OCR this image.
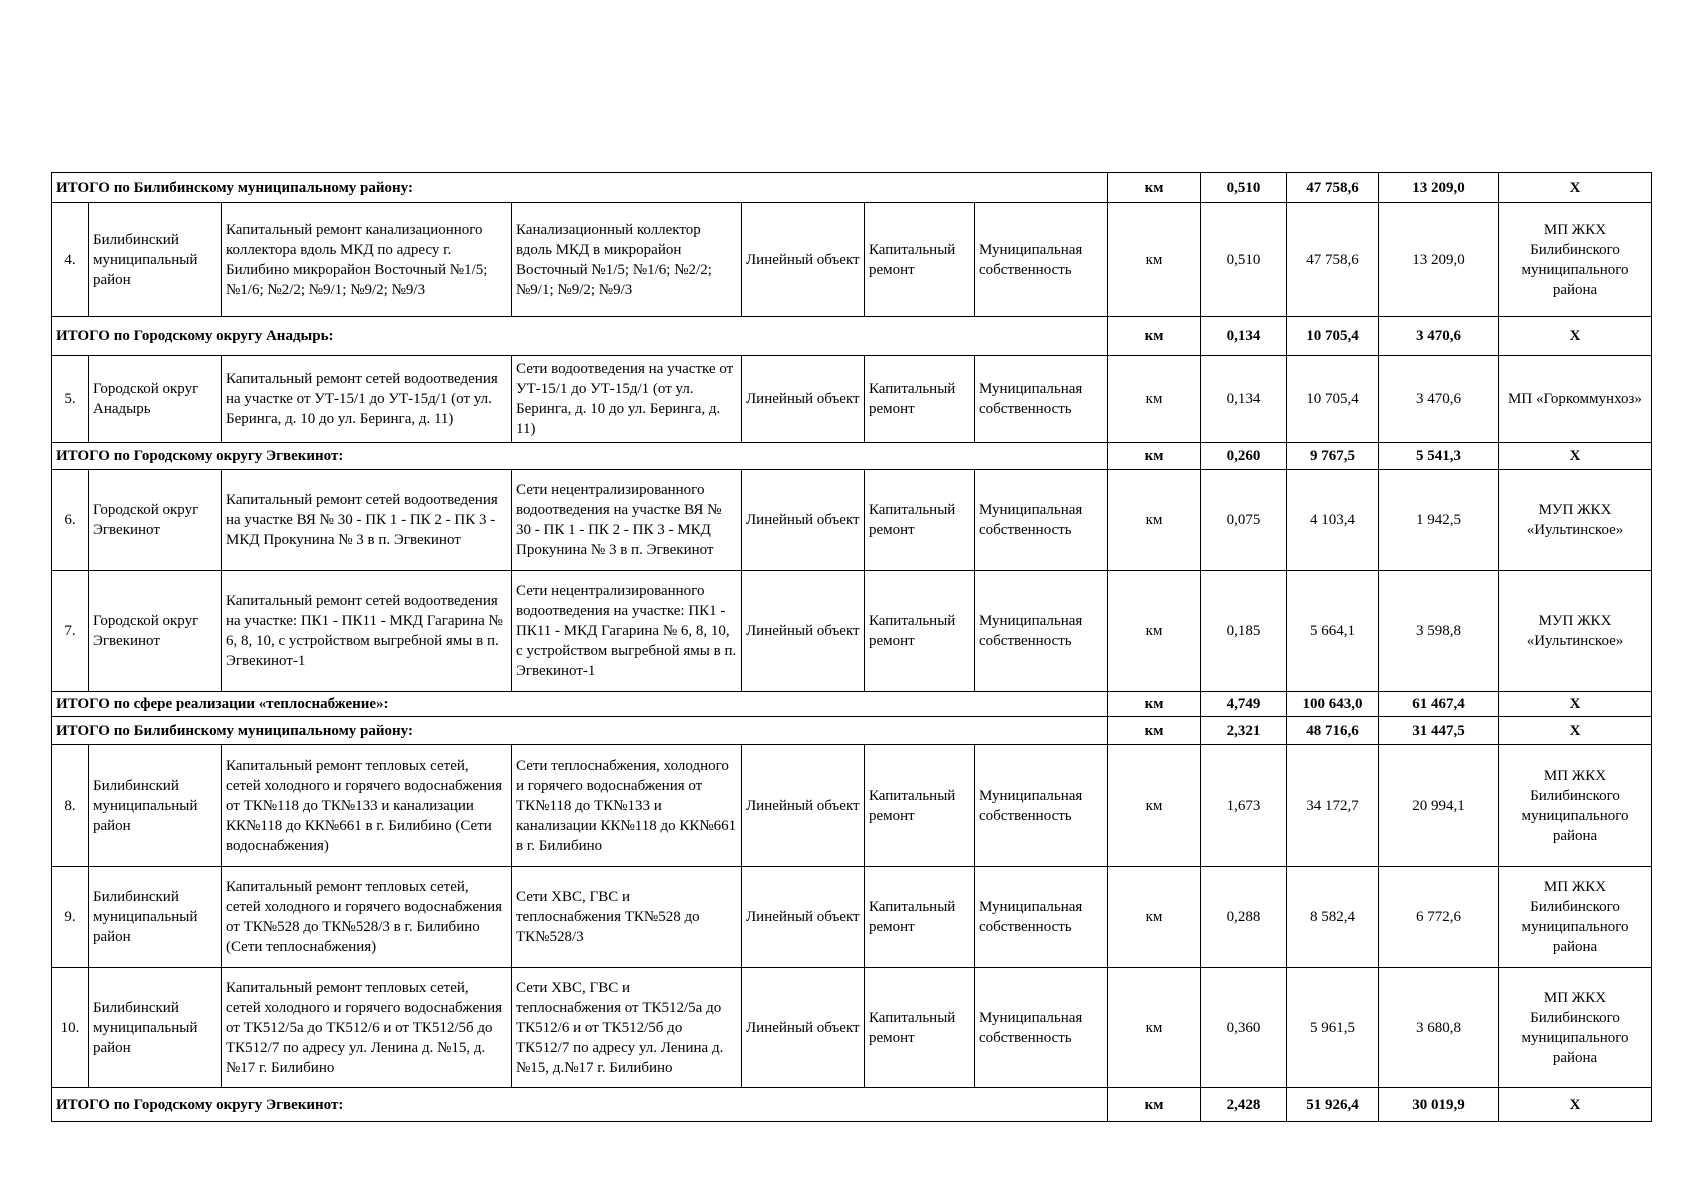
ИТОГО по Билибинскому муниципальному району:							км	0,510	47 758,6	13 209,0	X
4.	Билибинский муниципальный район	Капитальный ремонт канализационного коллектора вдоль МКД по адресу г. Билибино микрорайон Восточный №1/5; №1/6; №2/2; №9/1; №9/2; №9/3	Канализационный коллектор вдоль МКД в микрорайон Восточный №1/5; №1/6; №2/2; №9/1; №9/2; №9/3	Линейный объект	Капитальный ремонт	Муниципальная собственность	км	0,510	47 758,6	13 209,0	МП ЖКХ Билибинского муниципального района
ИТОГО по Городскому округу Анадырь:							км	0,134	10 705,4	3 470,6	X
5.	Городской округ Анадырь	Капитальный ремонт сетей водоотведения на участке от УТ-15/1 до УТ-15д/1 (от ул. Беринга, д. 10 до ул. Беринга, д. 11)	Сети водоотведения на участке от УТ-15/1 до УТ-15д/1 (от ул. Беринга, д. 10 до ул. Беринга, д. 11)	Линейный объект	Капитальный ремонт	Муниципальная собственность	км	0,134	10 705,4	3 470,6	МП «Горкоммунхоз»
ИТОГО по Городскому округу Эгвекинот:							км	0,260	9 767,5	5 541,3	X
6.	Городской округ Эгвекинот	Капитальный ремонт сетей водоотведения на участке ВЯ № 30 - ПК 1 - ПК 2 - ПК 3 - МКД Прокунина № 3 в п. Эгвекинот	Сети нецентрализированного водоотведения на участке ВЯ № 30 - ПК 1 - ПК 2 - ПК 3 - МКД Прокунина № 3 в п. Эгвекинот	Линейный объект	Капитальный ремонт	Муниципальная собственность	км	0,075	4 103,4	1 942,5	МУП ЖКХ «Иультинское»
7.	Городской округ Эгвекинот	Капитальный ремонт сетей водоотведения на участке: ПК1 - ПК11 - МКД Гагарина № 6, 8, 10, с устройством выгребной ямы в п. Эгвекинот-1	Сети нецентрализированного водоотведения на участке: ПК1 - ПК11 - МКД Гагарина № 6, 8, 10, с устройством выгребной ямы в п. Эгвекинот-1	Линейный объект	Капитальный ремонт	Муниципальная собственность	км	0,185	5 664,1	3 598,8	МУП ЖКХ «Иультинское»
ИТОГО по сфере реализации «теплоснабжение»:							км	4,749	100 643,0	61 467,4	X
ИТОГО по Билибинскому муниципальному району:							км	2,321	48 716,6	31 447,5	X
8.	Билибинский муниципальный район	Капитальный ремонт тепловых сетей, сетей холодного и горячего водоснабжения от ТК№118 до ТК№133 и канализации КК№118 до КК№661 в г. Билибино (Сети водоснабжения)	Сети теплоснабжения, холодного и горячего водоснабжения от ТК№118 до ТК№133 и канализации КК№118 до КК№661 в г. Билибино	Линейный объект	Капитальный ремонт	Муниципальная собственность	км	1,673	34 172,7	20 994,1	МП ЖКХ Билибинского муниципального района
9.	Билибинский муниципальный район	Капитальный ремонт тепловых сетей, сетей холодного и горячего водоснабжения от ТК№528 до ТК№528/3 в г. Билибино (Сети теплоснабжения)	Сети ХВС, ГВС и теплоснабжения ТК№528 до ТК№528/3	Линейный объект	Капитальный ремонт	Муниципальная собственность	км	0,288	8 582,4	6 772,6	МП ЖКХ Билибинского муниципального района
10.	Билибинский муниципальный район	Капитальный ремонт тепловых сетей, сетей холодного и горячего водоснабжения от ТК512/5а до ТК512/6 и от ТК512/5б до ТК512/7 по адресу ул. Ленина д. №15, д.№17 г. Билибино	Сети ХВС, ГВС и теплоснабжения от ТК512/5а до ТК512/6 и от ТК512/5б до ТК512/7 по адресу ул. Ленина д. №15, д.№17 г. Билибино	Линейный объект	Капитальный ремонт	Муниципальная собственность	км	0,360	5 961,5	3 680,8	МП ЖКХ Билибинского муниципального района
ИТОГО по Городскому округу Эгвекинот:							км	2,428	51 926,4	30 019,9	X
